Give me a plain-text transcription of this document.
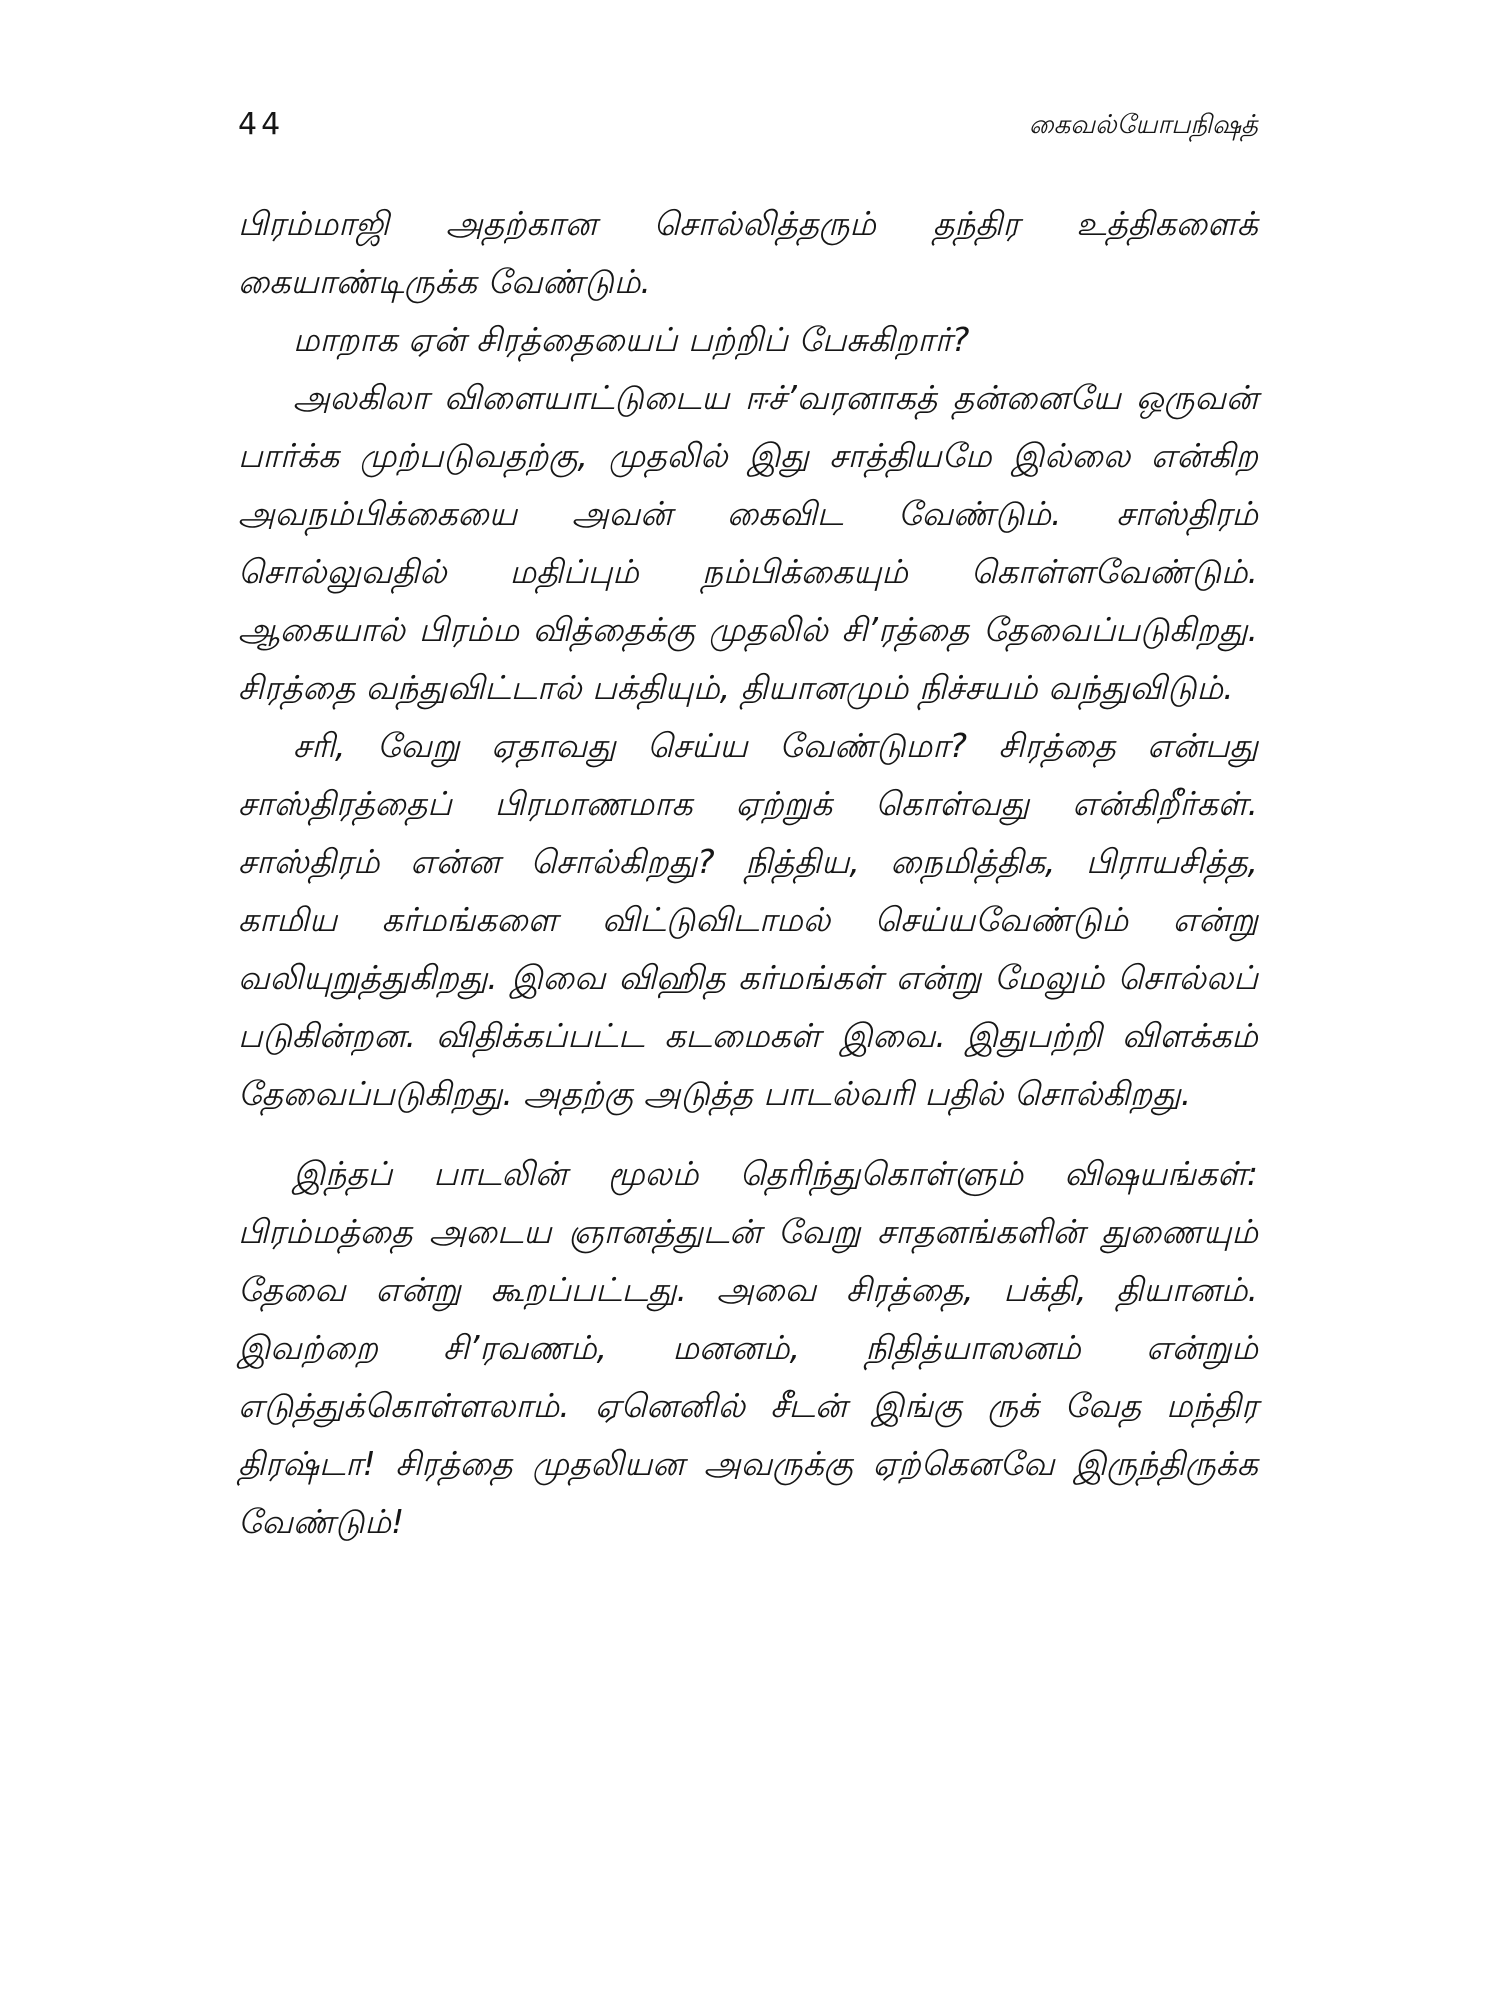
44	கைவல்யோபநிஷத்

பிரம்மாஜி அதற்கான சொல்லித்தரும் தந்திர உத்திகளைக் கையாண்டிருக்க வேண்டும்.

மாறாக ஏன் சிரத்தையைப் பற்றிப் பேசுகிறார்?

அலகிலா விளையாட்டுடைய ஈச்’வரனாகத் தன்னையே ஒருவன் பார்க்க முற்படுவதற்கு, முதலில் இது சாத்தியமே இல்லை என்கிற அவநம்பிக்கையை அவன் கைவிட வேண்டும். சாஸ்திரம் சொல்லுவதில் மதிப்பும் நம்பிக்கையும் கொள்ளவேண்டும். ஆகையால் பிரம்ம வித்தைக்கு முதலில் சி’ரத்தை தேவைப்படுகிறது. சிரத்தை வந்துவிட்டால் பக்தியும், தியானமும் நிச்சயம் வந்துவிடும்.

சரி, வேறு ஏதாவது செய்ய வேண்டுமா? சிரத்தை என்பது சாஸ்திரத்தைப் பிரமாணமாக ஏற்றுக் கொள்வது என்கிறீர்கள். சாஸ்திரம் என்ன சொல்கிறது? நித்திய, நைமித்திக, பிராயசித்த, காமிய கர்மங்களை விட்டுவிடாமல் செய்யவேண்டும் என்று வலியுறுத்துகிறது. இவை விஹித கர்மங்கள் என்று மேலும் சொல்லப் படுகின்றன. விதிக்கப்பட்ட கடமைகள் இவை. இதுபற்றி விளக்கம் தேவைப்படுகிறது. அதற்கு அடுத்த பாடல்வரி பதில் சொல்கிறது.

இந்தப் பாடலின் மூலம் தெரிந்துகொள்ளும் விஷயங்கள்: பிரம்மத்தை அடைய ஞானத்துடன் வேறு சாதனங்களின் துணையும் தேவை என்று கூறப்பட்டது. அவை சிரத்தை, பக்தி, தியானம். இவற்றை சி’ரவணம், மனனம், நிதித்யாஸனம் என்றும் எடுத்துக்கொள்ளலாம். ஏனெனில் சீடன் இங்கு ருக் வேத மந்திர திரஷ்டா! சிரத்தை முதலியன அவருக்கு ஏற்கெனவே இருந்திருக்க வேண்டும்!
